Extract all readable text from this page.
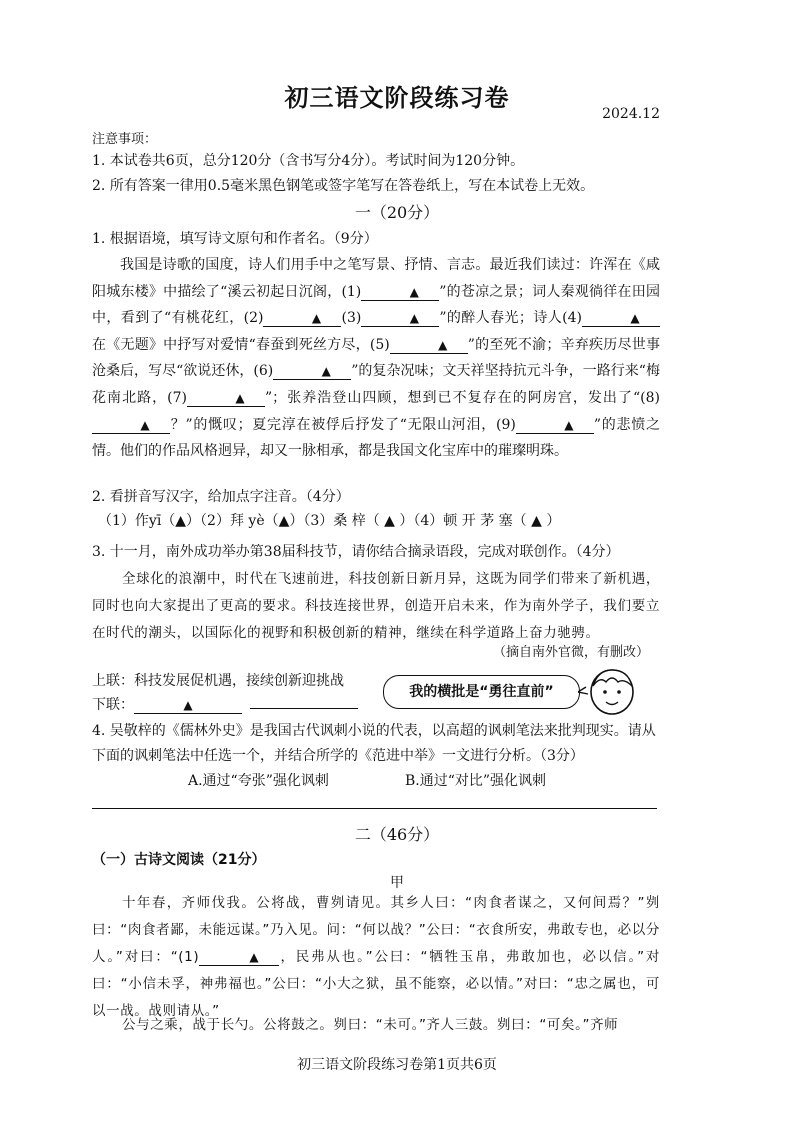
初三语文阶段练习卷
2024.12
注意事项：
1. 本试卷共6页，总分120分（含书写分4分）。考试时间为120分钟。
2. 所有答案一律用0.5毫米黑色钢笔或签字笔写在答卷纸上，写在本试卷上无效。
一（20分）
1. 根据语境，填写诗文原句和作者名。（9分）
我国是诗歌的国度，诗人们用手中之笔写景、抒情、言志。最近我们读过：许浑在《咸阳城东楼》中描绘了“溪云初起日沉阁，(1)	▲ ”的苍凉之景；词人秦观徜徉在田园中，看到了“有桃花红，(2)	▲ (3)	▲ ”的醉人春光；诗人(4)	▲在《无题》中抒写对爱情“春蚕到死丝方尽，(5)	▲ ”的至死不渝；辛弃疾历尽世事沧桑后，写尽“欲说还休，(6)	▲ ”的复杂况味；文天祥坚持抗元斗争，一路行来“梅花南北路，(7)	▲ ”；张养浩登山四顾，想到已不复存在的阿房宫，发出了“(8)▲ ？”的慨叹；夏完淳在被俘后抒发了“无限山河泪，(9)	▲ ”的悲愤之情。他们的作品风格迥异，却又一脉相承，都是我国文化宝库中的璀璨明珠。
2. 看拼音写汉字，给加点字注音。（4分）
（1）作yī（▲）（2）拜 yè（▲）（3）桑 梓（ ▲ ）（4）顿 开 茅 塞（ ▲ ）
3. 十一月，南外成功举办第38届科技节，请你结合摘录语段，完成对联创作。（4分）
全球化的浪潮中，时代在飞速前进，科技创新日新月异，这既为同学们带来了新机遇，同时也向大家提出了更高的要求。科技连接世界，创造开启未来，作为南外学子，我们要立在时代的潮头，以国际化的视野和积极创新的精神，继续在科学道路上奋力驰骋。
（摘自南外官微，有删改）
上联：科技发展促机遇，接续创新迎挑战
下联：	▲
我的横批是“勇往直前”
4. 吴敬梓的《儒林外史》是我国古代讽刺小说的代表，以高超的讽刺笔法来批判现实。请从
下面的讽刺笔法中任选一个，并结合所学的《范进中举》一文进行分析。（3分）
A.通过“夸张”强化讽刺	B.通过“对比”强化讽刺
二（46分）
（一）古诗文阅读（21分）
甲
十年春，齐师伐我。公将战，曹刿请见。其乡人曰：“肉食者谋之，又何间焉？”刿曰：“肉食者鄙，未能远谋。”乃入见。问：“何以战？”公曰：“衣食所安，弗敢专也，必以分人。”对曰：“(1)	▲ ，民弗从也。”公曰：“牺牲玉帛，弗敢加也，必以信。”对曰：“小信未孚，神弗福也。”公曰：“小大之狱，虽不能察，必以情。”对曰：“忠之属也，可以一战。战则请从。”
公与之乘，战于长勺。公将鼓之。刿曰：“未可。”齐人三鼓。刿曰：“可矣。”齐师
初三语文阶段练习卷第1页共6页
